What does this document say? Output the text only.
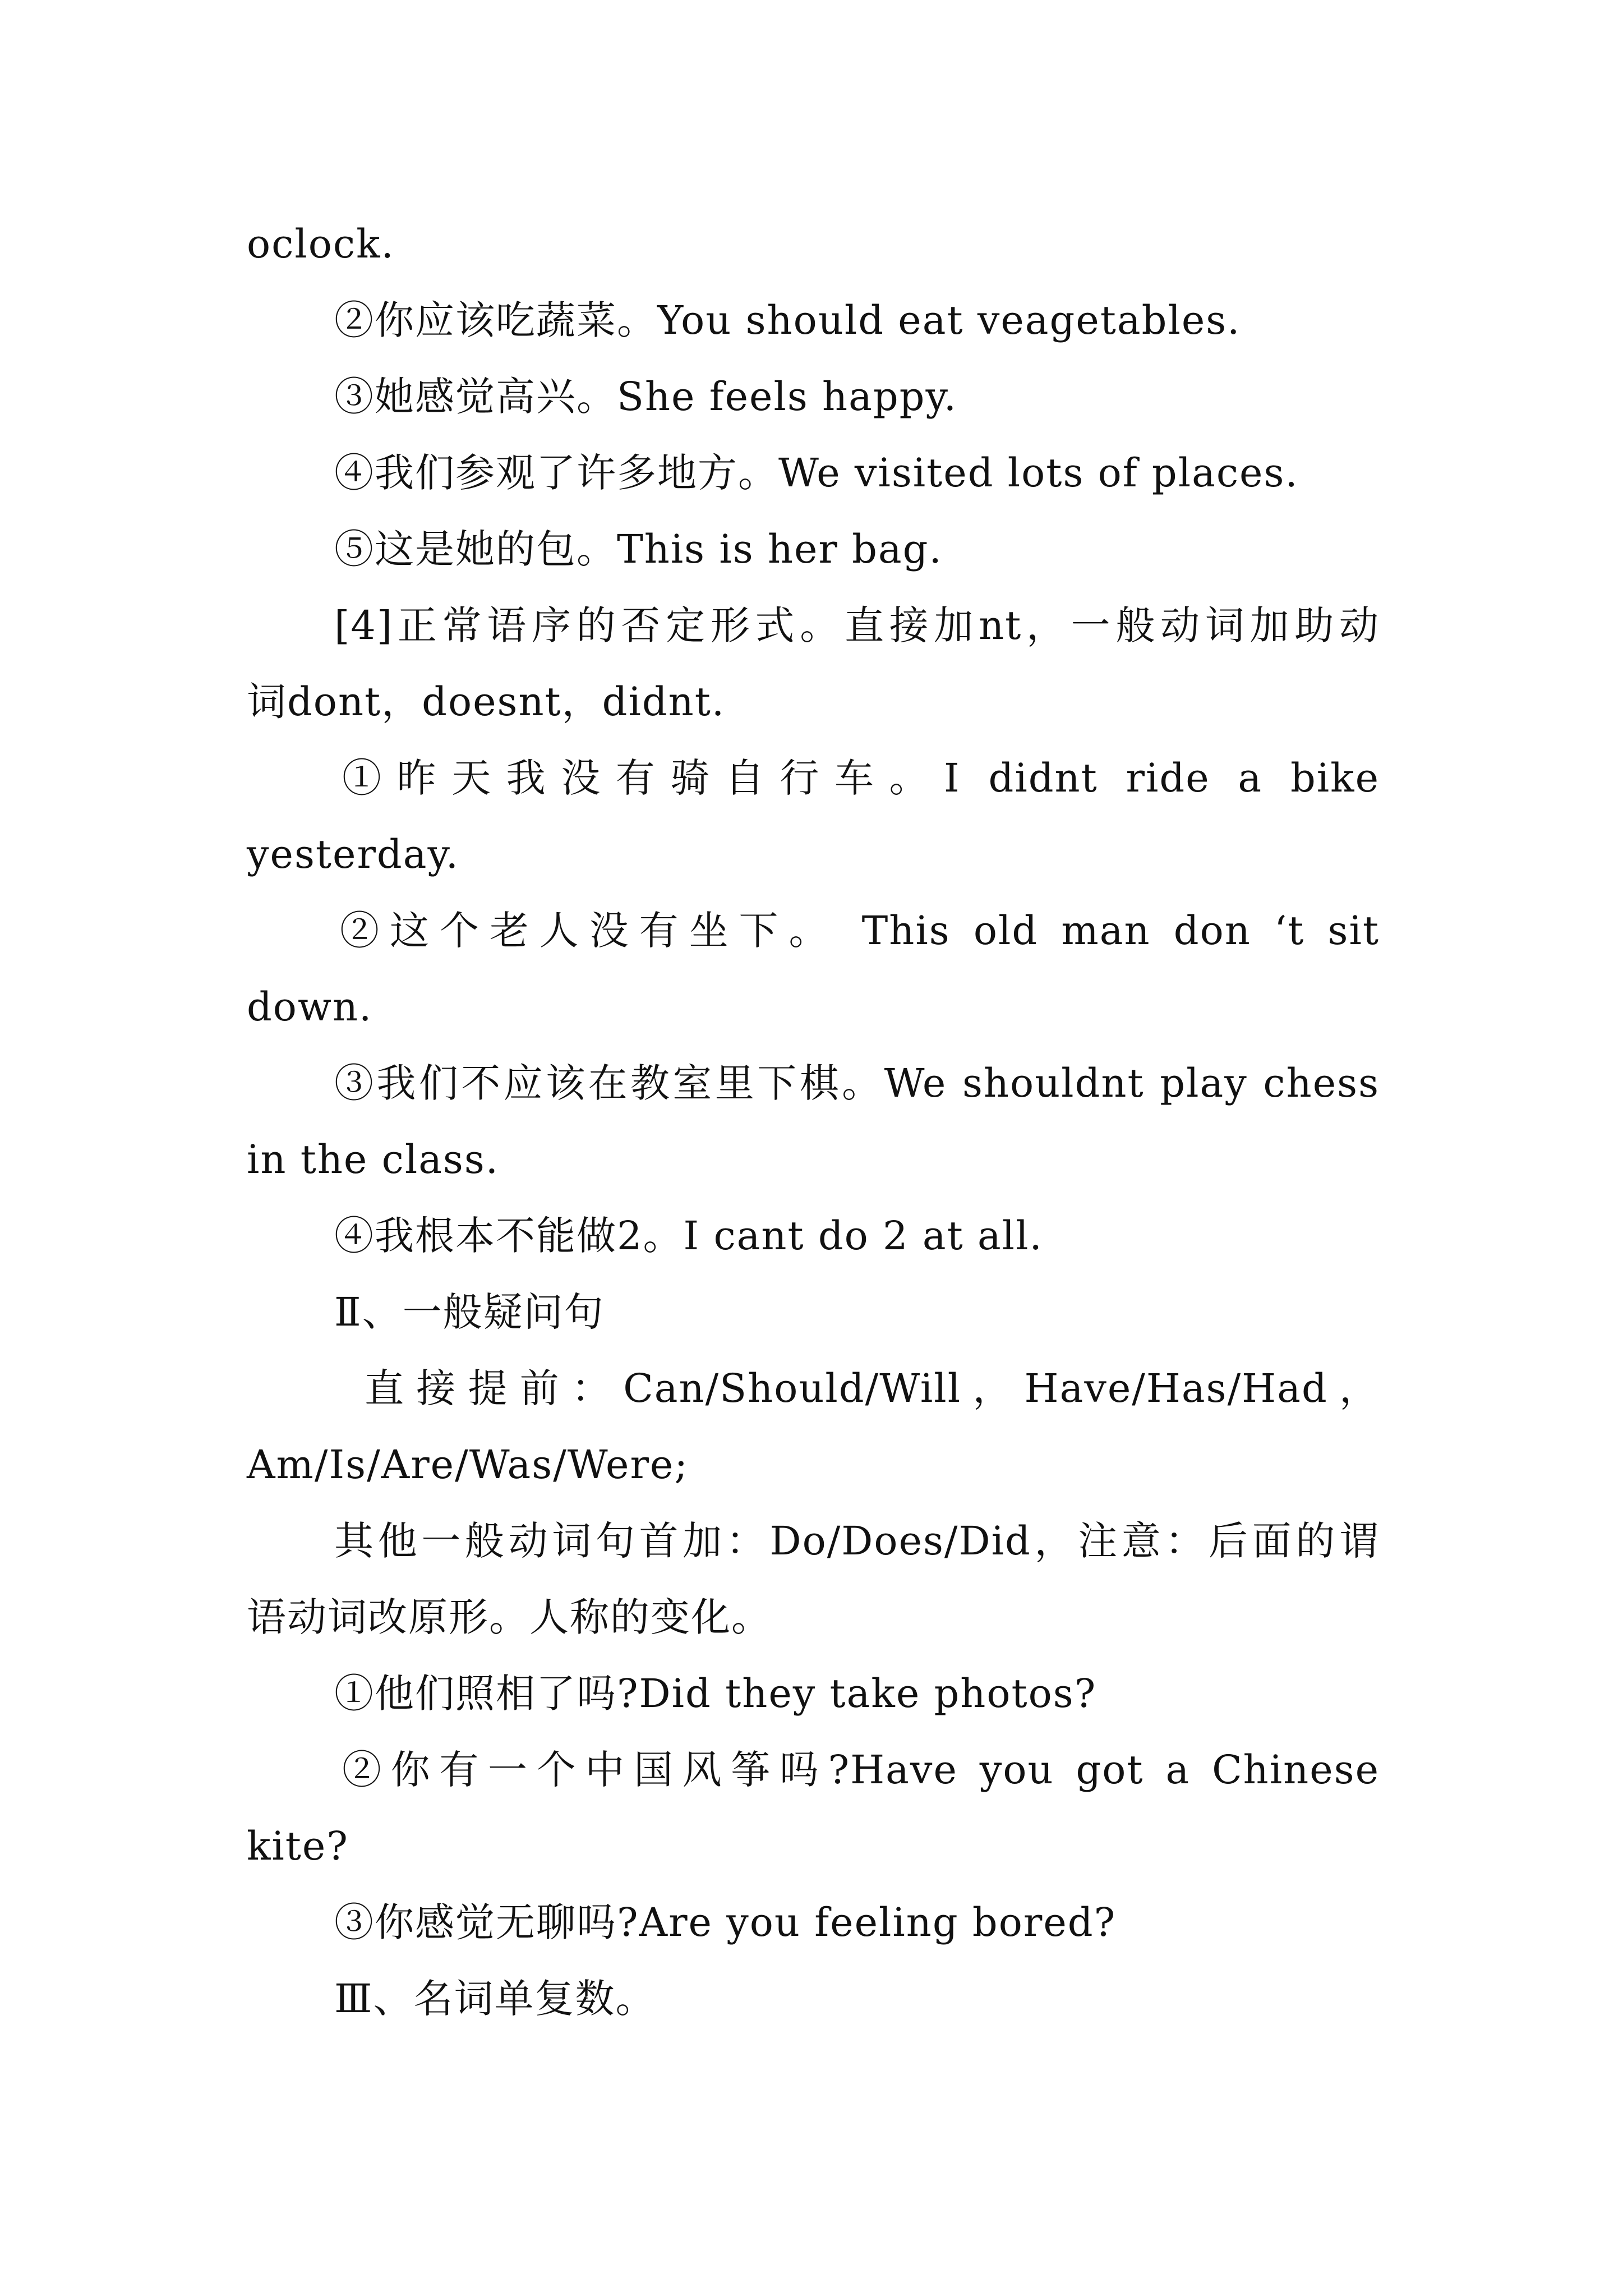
oclock.
②你应该吃蔬菜。You should eat veagetables.
③她感觉高兴。She feels happy.
④我们参观了许多地方。We visited lots of places.
⑤这是她的包。This is her bag.
[4]正常语序的否定形式。直接加nt，一般动词加助动
词dont，doesnt，didnt.
①昨天我没有骑自行车。I didnt ride a bike
yesterday.
②这个老人没有坐下。 This old man don ‘t sit
down.
③我们不应该在教室里下棋。We shouldnt play chess
in the class.
④我根本不能做2。I cant do 2 at all.
Ⅱ、一般疑问句
直接提前：Can/Should/Will，Have/Has/Had，
Am/Is/Are/Was/Were;
其他一般动词句首加：Do/Does/Did，注意：后面的谓
语动词改原形。人称的变化。
①他们照相了吗?Did they take photos?
②你有一个中国风筝吗?Have you got a Chinese
kite?
③你感觉无聊吗?Are you feeling bored?
Ⅲ、名词单复数。
